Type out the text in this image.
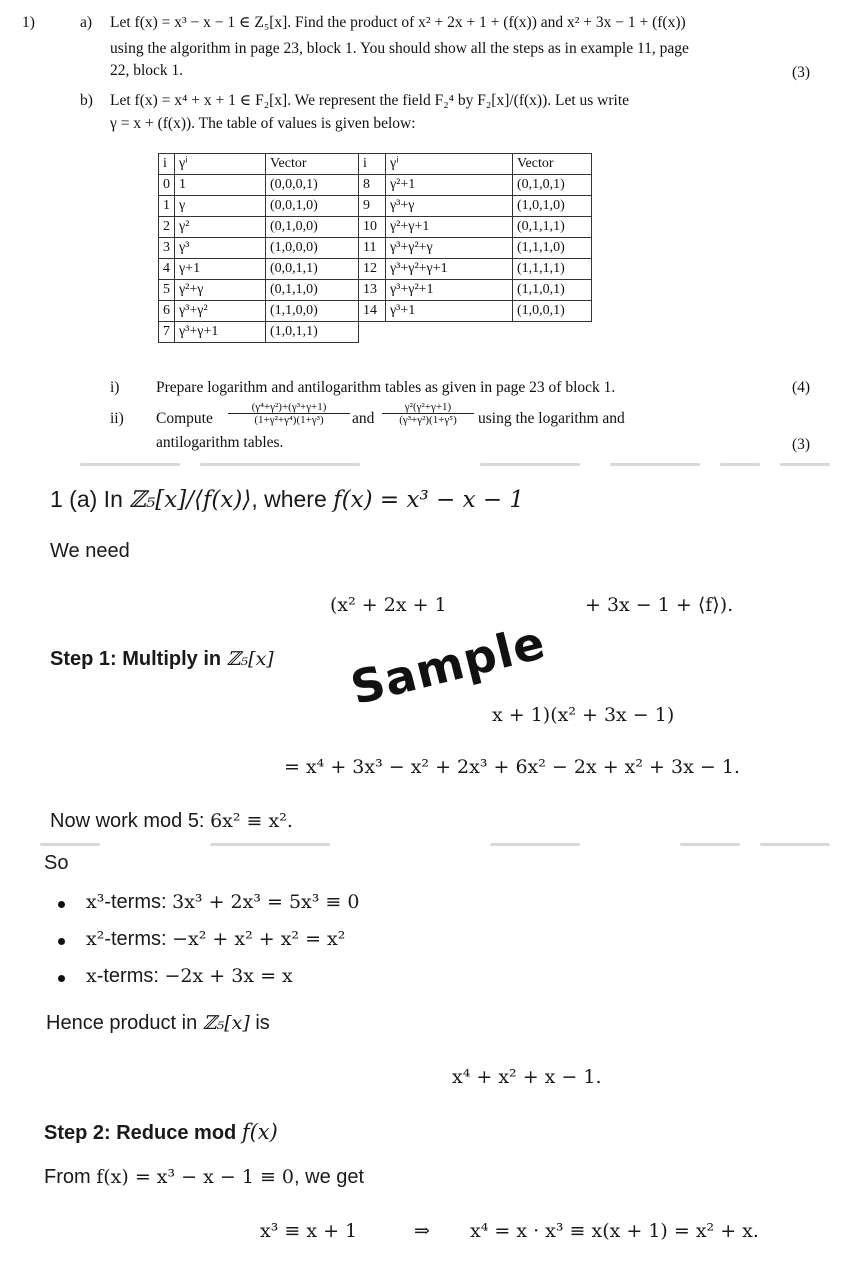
1)	a) Let f(x) = x³ − x − 1 ∈ Z₅[x]. Find the product of x² + 2x + 1 + (f(x)) and x² + 3x − 1 + (f(x))
using the algorithm in page 23, block 1. You should show all the steps as in example 11, page
22, block 1.	(3)
b) Let f(x) = x⁴ + x + 1 ∈ F₂[x]. We represent the field F₂⁴ by F₂[x]/(f(x)). Let us write
γ = x + (f(x)). The table of values is given below:
i	γⁱ	Vector	i	γⁱ	Vector
0	1	(0,0,0,1)	8	γ²+1	(0,1,0,1)
1	γ	(0,0,1,0)	9	γ³+γ	(1,0,1,0)
2	γ²	(0,1,0,0)	10	γ²+γ+1	(0,1,1,1)
3	γ³	(1,0,0,0)	11	γ³+γ²+γ	(1,1,1,0)
4	γ+1	(0,0,1,1)	12	γ³+γ²+γ+1	(1,1,1,1)
5	γ²+γ	(0,1,1,0)	13	γ³+γ²+1	(1,1,0,1)
6	γ³+γ²	(1,1,0,0)	14	γ³+1	(1,0,0,1)
7	γ³+γ+1	(1,0,1,1)			
i) Prepare logarithm and antilogarithm tables as given in page 23 of block 1.	(4)
ii) Compute $\frac{\text{(γ⁴+γ²)+(γ³+γ+1)}}{\text{(1+γ²+γ⁴)(1+γ³)}}$ and $\frac{\text{γ²(γ²+γ+1)}}{\text{(γ³+γ²)(1+γ⁵)}}$ using the logarithm and
antilogarithm tables.	(3)
1 (a) In ℤ₅[x]/⟨f(x)⟩, where f(x) = x³ − x − 1
We need
(x² + 2x + 1	+ 3x − 1 + ⟨f⟩).
Step 1: Multiply in ℤ₅[x] Sample
x + 1)(x² + 3x − 1)
= x⁴ + 3x³ − x² + 2x³ + 6x² − 2x + x² + 3x − 1.
Now work mod 5: 6x² ≡ x².
So
x³-terms: 3x³ + 2x³ = 5x³ ≡ 0
x²-terms: −x² + x² + x² = x²
x-terms: −2x + 3x = x
Hence product in ℤ₅[x] is
x⁴ + x² + x − 1.
Step 2: Reduce mod f(x)
From f(x) = x³ − x − 1 ≡ 0, we get
x³ ≡ x + 1	⇒ x⁴ = x · x³ ≡ x(x + 1) = x² + x.
